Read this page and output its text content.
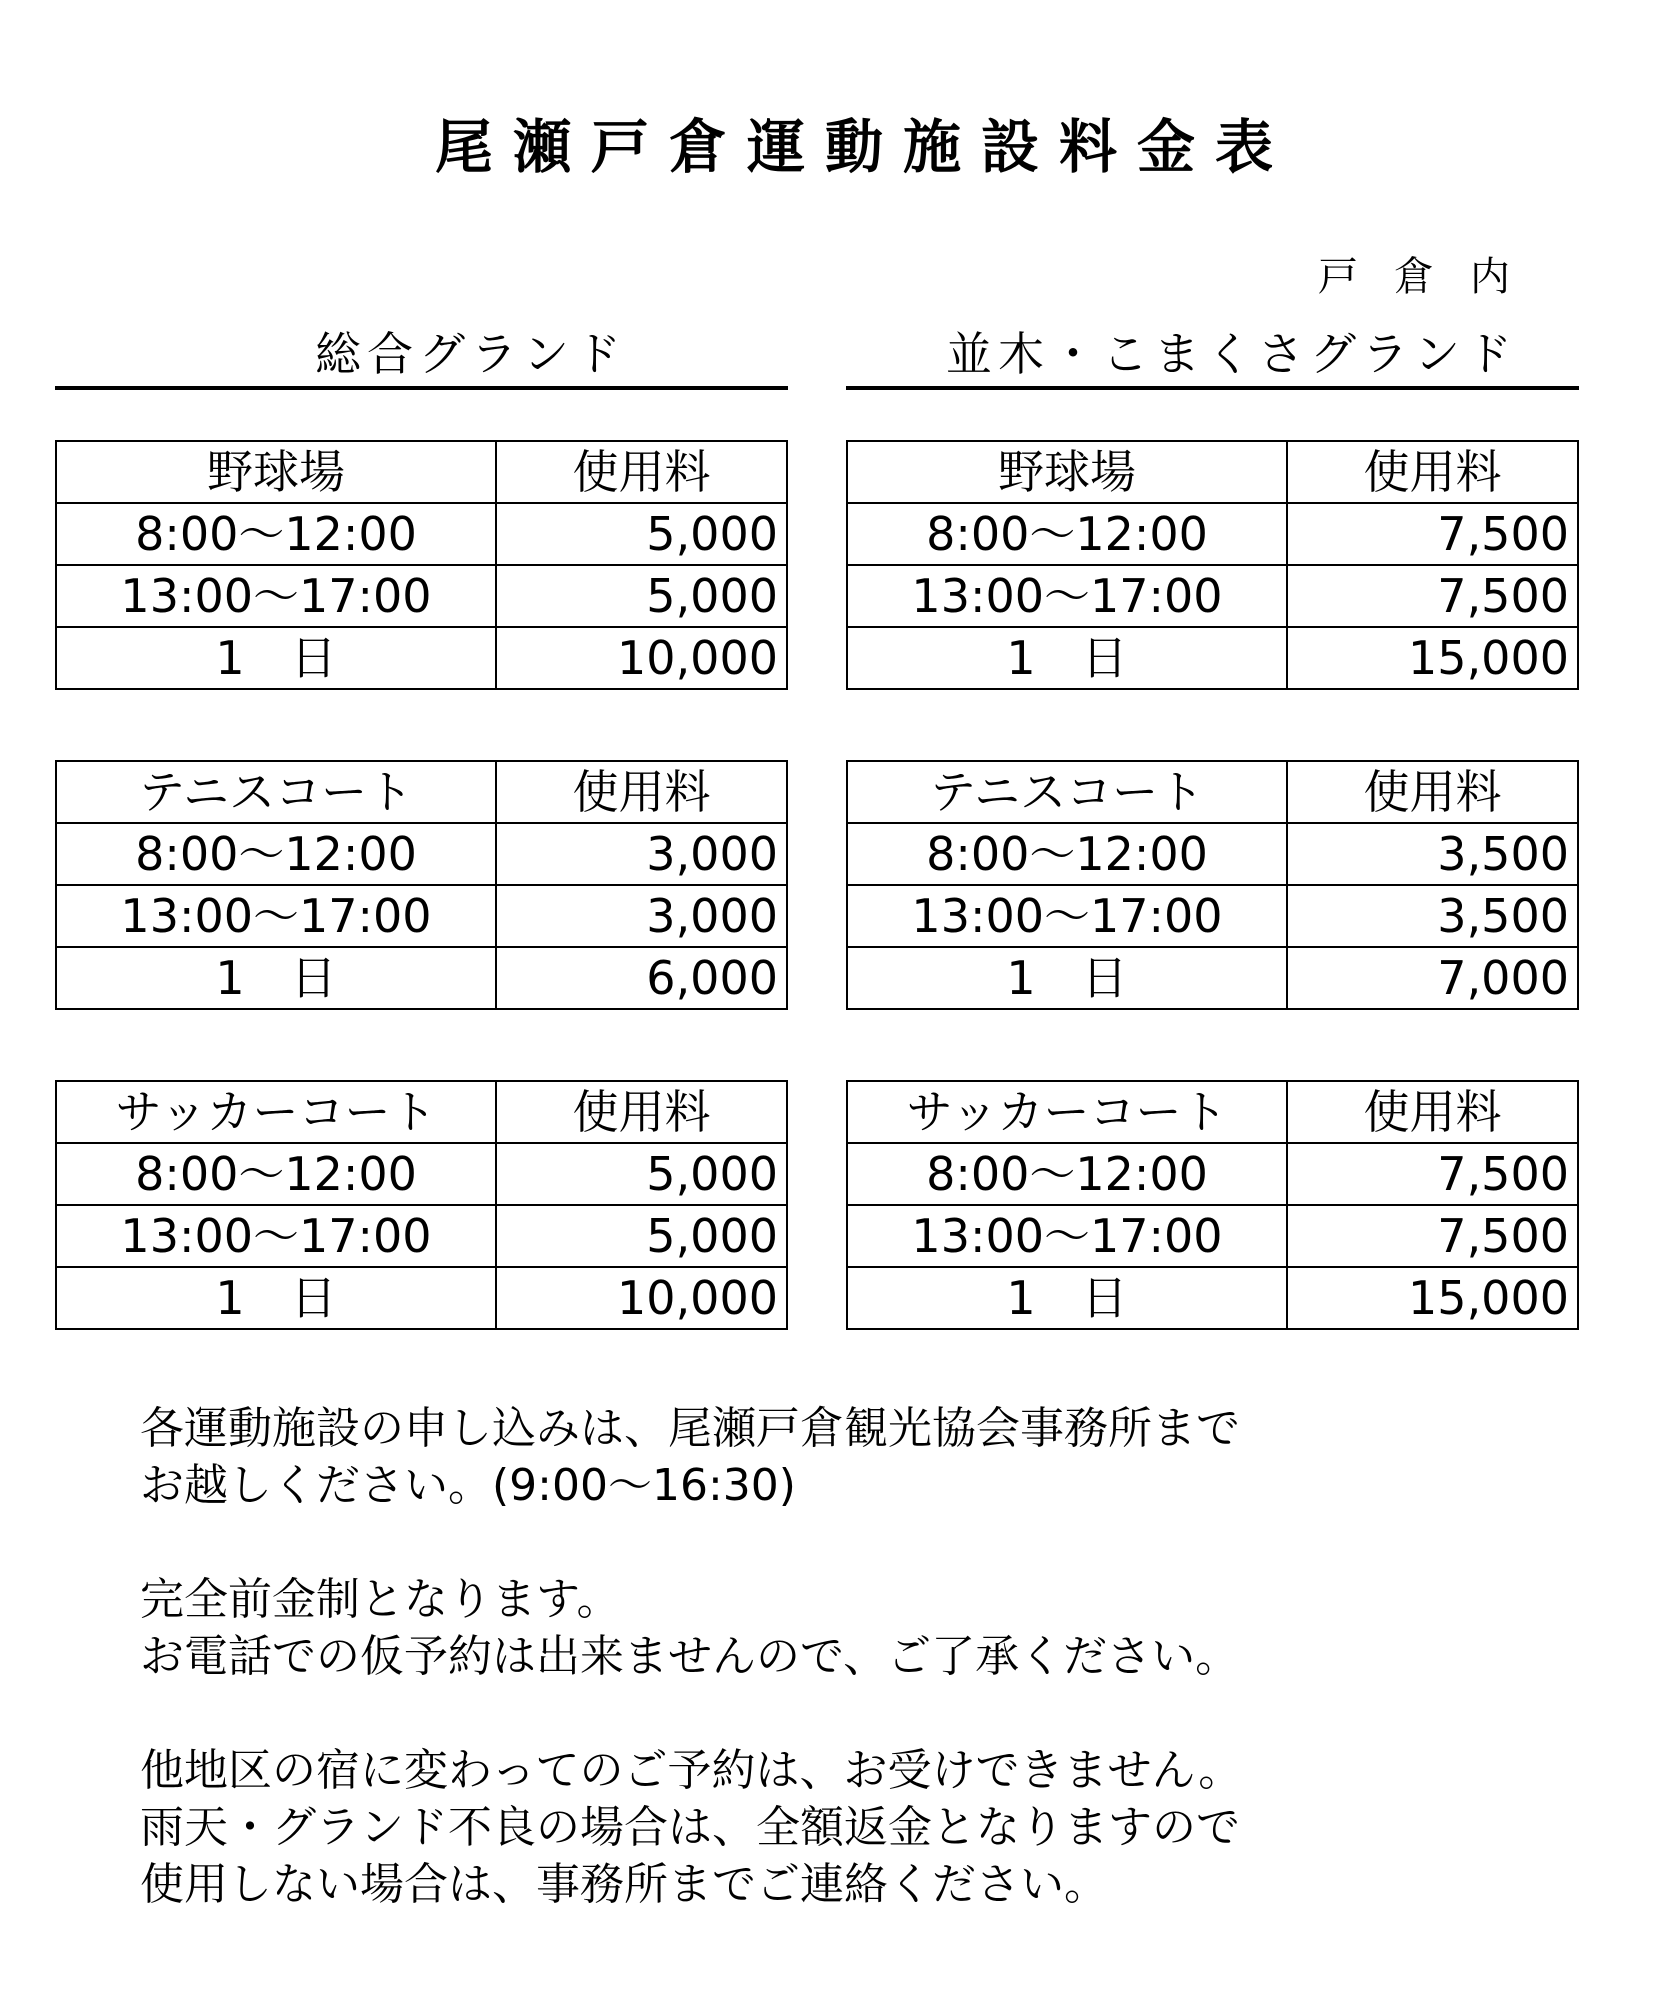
尾瀬戸倉運動施設料金表
戸倉内
総合グランド
野球場	使用料
8:00〜12:00	5,000
13:00〜17:00	5,000
1　日	10,000
テニスコート	使用料
8:00〜12:00	3,000
13:00〜17:00	3,000
1　日	6,000
サッカーコート	使用料
8:00〜12:00	5,000
13:00〜17:00	5,000
1　日	10,000
並木・こまくさグランド
野球場	使用料
8:00〜12:00	7,500
13:00〜17:00	7,500
1　日	15,000
テニスコート	使用料
8:00〜12:00	3,500
13:00〜17:00	3,500
1　日	7,000
サッカーコート	使用料
8:00〜12:00	7,500
13:00〜17:00	7,500
1　日	15,000

各運動施設の申し込みは、尾瀬戸倉観光協会事務所まで
お越しください。(9:00〜16:30)

完全前金制となります。
お電話での仮予約は出来ませんので、ご了承ください。

他地区の宿に変わってのご予約は、お受けできません。
雨天・グランド不良の場合は、全額返金となりますので
使用しない場合は、事務所までご連絡ください。
